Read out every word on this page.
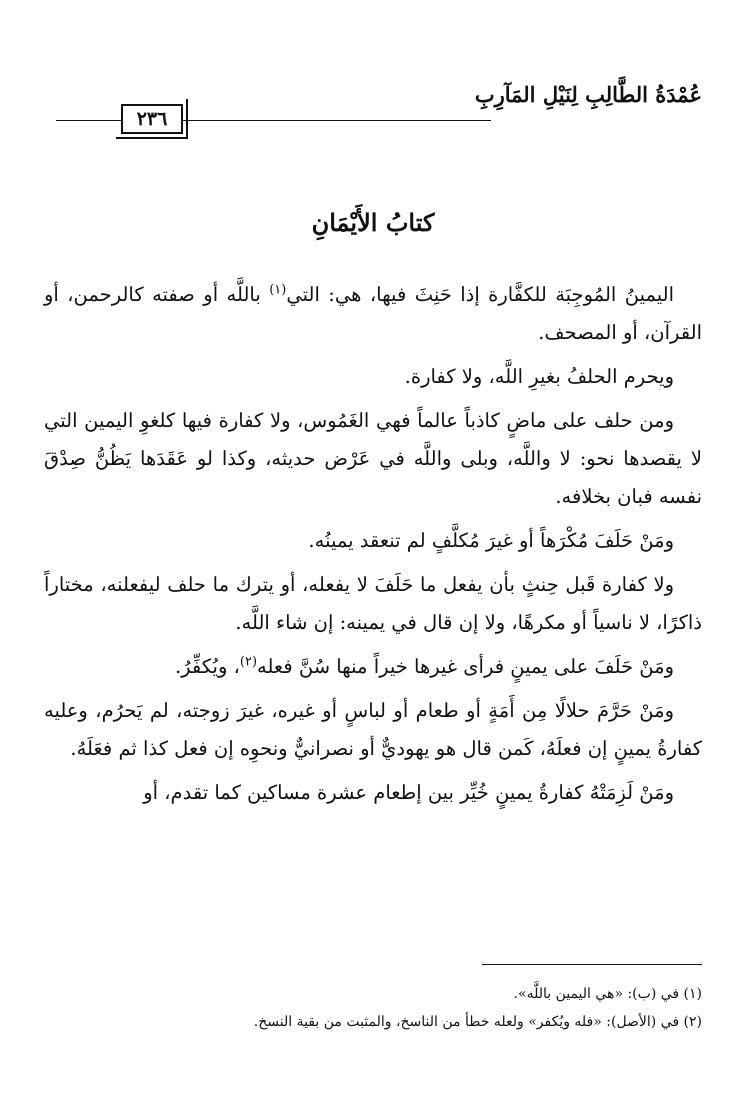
عُمْدَةُ الطَّالِبِ لِنَيْلِ المَآرِبِ
٢٣٦
كتابُ الأَيْمَانِ

اليمينُ المُوجِبَة للكفَّارة إذا حَنِثَ فيها، هي: التي$^{(١)}$ باللَّه أو صفته كالرحمن، أو القرآن، أو المصحف.

ويحرم الحلفُ بغيرِ اللَّه، ولا كفارة.

ومن حلف على ماضٍ كاذباً عالماً فهي الغَمُوس، ولا كفارة فيها كلغوِ اليمين التي لا يقصدها نحو: لا واللَّه، وبلى واللَّه في عَرْض حديثه، وكذا لو عَقَدَها يَظُنُّ صِدْقَ نفسه فبان بخلافه.

ومَنْ حَلَفَ مُكْرَهاً أو غيرَ مُكلَّفٍ لم تنعقد يمينُه.

ولا كفارة قَبل حِنثٍ بأن يفعل ما حَلَفَ لا يفعله، أو يترك ما حلف ليفعلنه، مختاراً ذاكرًا، لا ناسياً أو مكرهًا، ولا إن قال في يمينه: إن شاء اللَّه.

ومَنْ حَلَفَ على يمينٍ فرأى غيرها خيراً منها سُنَّ فعله$^{(٢)}$، ويُكفِّرُ.

ومَنْ حَرَّمَ حلالًا مِن أَمَةٍ أو طعام أو لباسٍ أو غيره، غيرَ زوجته، لم يَحرُم، وعليه كفارةُ يمينٍ إن فعلَهُ، كَمن قال هو يهوديٌّ أو نصرانيٌّ ونحوِه إن فعل كذا ثم فعَلَهُ.

ومَنْ لَزِمَتْهُ كفارةُ يمينٍ خُيِّر بين إطعام عشرة مساكين كما تقدم، أو

(١) في (ب): «هي اليمين باللَّه».

(٢) في (الأصل): «فله ويُكفر» ولعله خطأ من الناسخ، والمثبت من بقية النسخ.
